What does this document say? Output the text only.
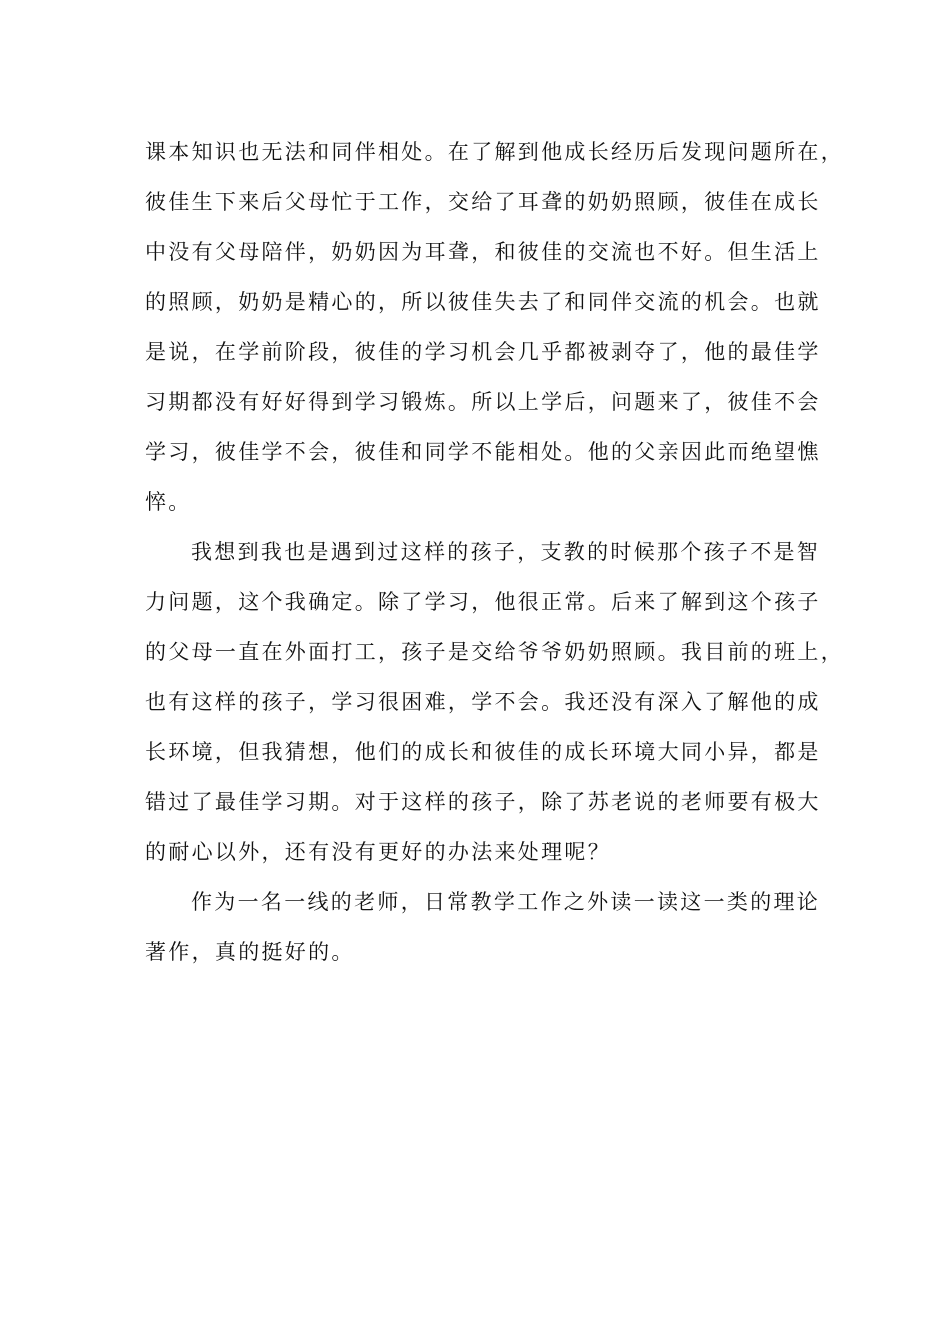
课本知识也无法和同伴相处。在了解到他成长经历后发现问题所在，
彼佳生下来后父母忙于工作，交给了耳聋的奶奶照顾，彼佳在成长
中没有父母陪伴，奶奶因为耳聋，和彼佳的交流也不好。但生活上
的照顾，奶奶是精心的，所以彼佳失去了和同伴交流的机会。也就
是说，在学前阶段，彼佳的学习机会几乎都被剥夺了，他的最佳学
习期都没有好好得到学习锻炼。所以上学后，问题来了，彼佳不会
学习，彼佳学不会，彼佳和同学不能相处。他的父亲因此而绝望憔
悴。
我想到我也是遇到过这样的孩子，支教的时候那个孩子不是智
力问题，这个我确定。除了学习，他很正常。后来了解到这个孩子
的父母一直在外面打工，孩子是交给爷爷奶奶照顾。我目前的班上，
也有这样的孩子，学习很困难，学不会。我还没有深入了解他的成
长环境，但我猜想，他们的成长和彼佳的成长环境大同小异，都是
错过了最佳学习期。对于这样的孩子，除了苏老说的老师要有极大
的耐心以外，还有没有更好的办法来处理呢？
作为一名一线的老师，日常教学工作之外读一读这一类的理论
著作，真的挺好的。
